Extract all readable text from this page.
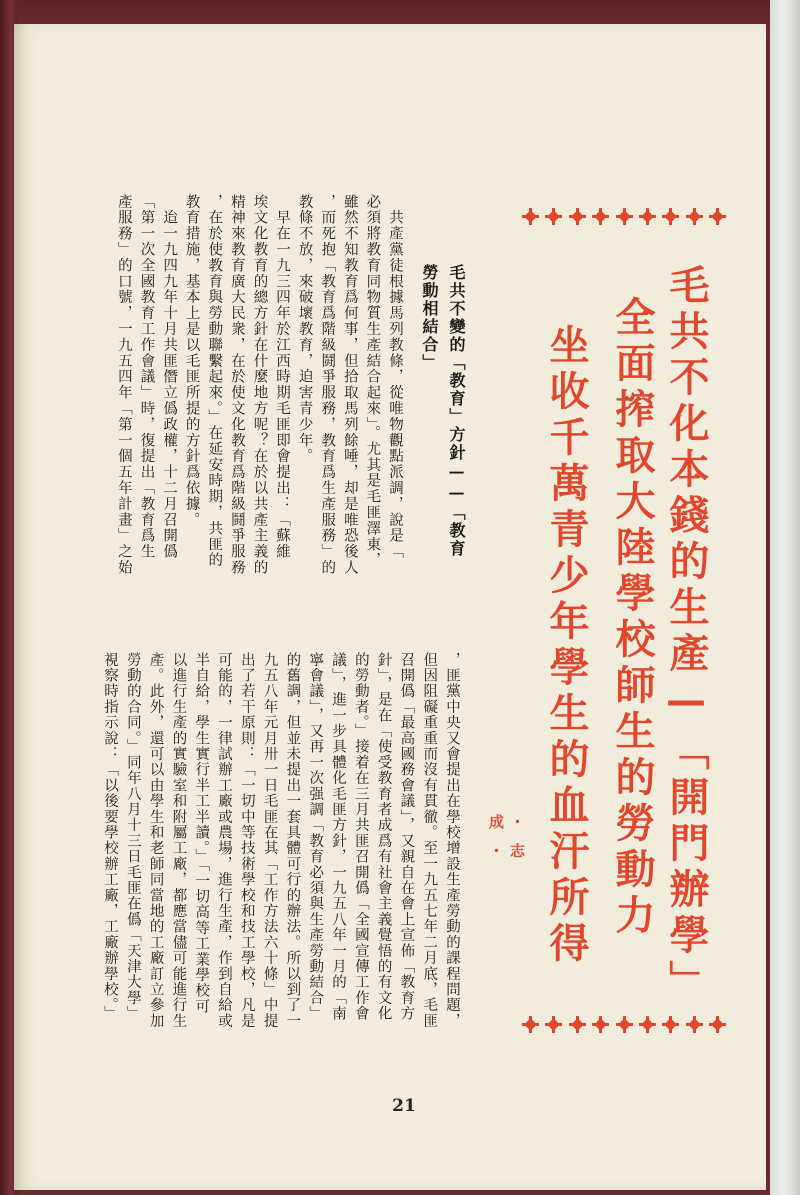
毛共不化本錢的生產—「開門辦學」
全面搾取大陸學校師生的勞動力
坐收千萬青少年學生的血汗所得
・志 成・

毛共不變的「教育」方針——「教育

勞動相結合」

　共產黨徒根據馬列教條，從唯物觀點派調，說是「

必須將教育同物質生產結合起來」。尤其是毛匪澤東，

雖然不知教育爲何事，但拾取馬列餘唾，却是唯恐後人

，而死抱「教育爲階級鬪爭服務，教育爲生產服務」的

教條不放，來破壞教育，迫害青少年。

　早在一九三四年於江西時期毛匪即會提出：「蘇維

埃文化教育的總方針在什麼地方呢？在於以共產主義的

精神來教育廣大民衆，在於使文化教育爲階級鬪爭服務

，在於使教育與勞動聯繫起來。」在延安時期，共匪的

教育措施，基本上是以毛匪所提的方針爲依據。

　迨一九四九年十月共匪僭立僞政權，十二月召開僞

「第一次全國教育工作會議」時，復提出「教育爲生

產服務」的口號，一九五四年「第一個五年計畫」之始

，匪黨中央又會提出在學校增設生產勞動的課程問題，

但因阻礙重重而沒有貫徹。至一九五七年二月底，毛匪

召開僞「最高國務會議」，又親自在會上宣佈「教育方

針」，是在「使受教育者成爲有社會主義覺悟的有文化

的勞動者。」接着在三月共匪召開僞「全國宣傳工作會

議」，進一步具體化毛匪方針，一九五八年一月的「南

寧會議」，又再一次强調「教育必須與生產勞動結合」

的舊調，但並未提出一套具體可行的辦法。所以到了一

九五八年元月卅一日毛匪在其「工作方法六十條」中提

出了若干原則：「一切中等技術學校和技工學校，凡是

可能的，一律試辦工廠或農場，進行生產，作到自給或

半自給，學生實行半工半讀。」「一切高等工業學校可

以進行生產的實驗室和附屬工廠，都應當儘可能進行生

產。此外，還可以由學生和老師同當地的工廠訂立參加

勞動的合同。」同年八月十三日毛匪在僞「天津大學」

視察時指示說：「以後要學校辦工廠，工廠辦學校。」

21
